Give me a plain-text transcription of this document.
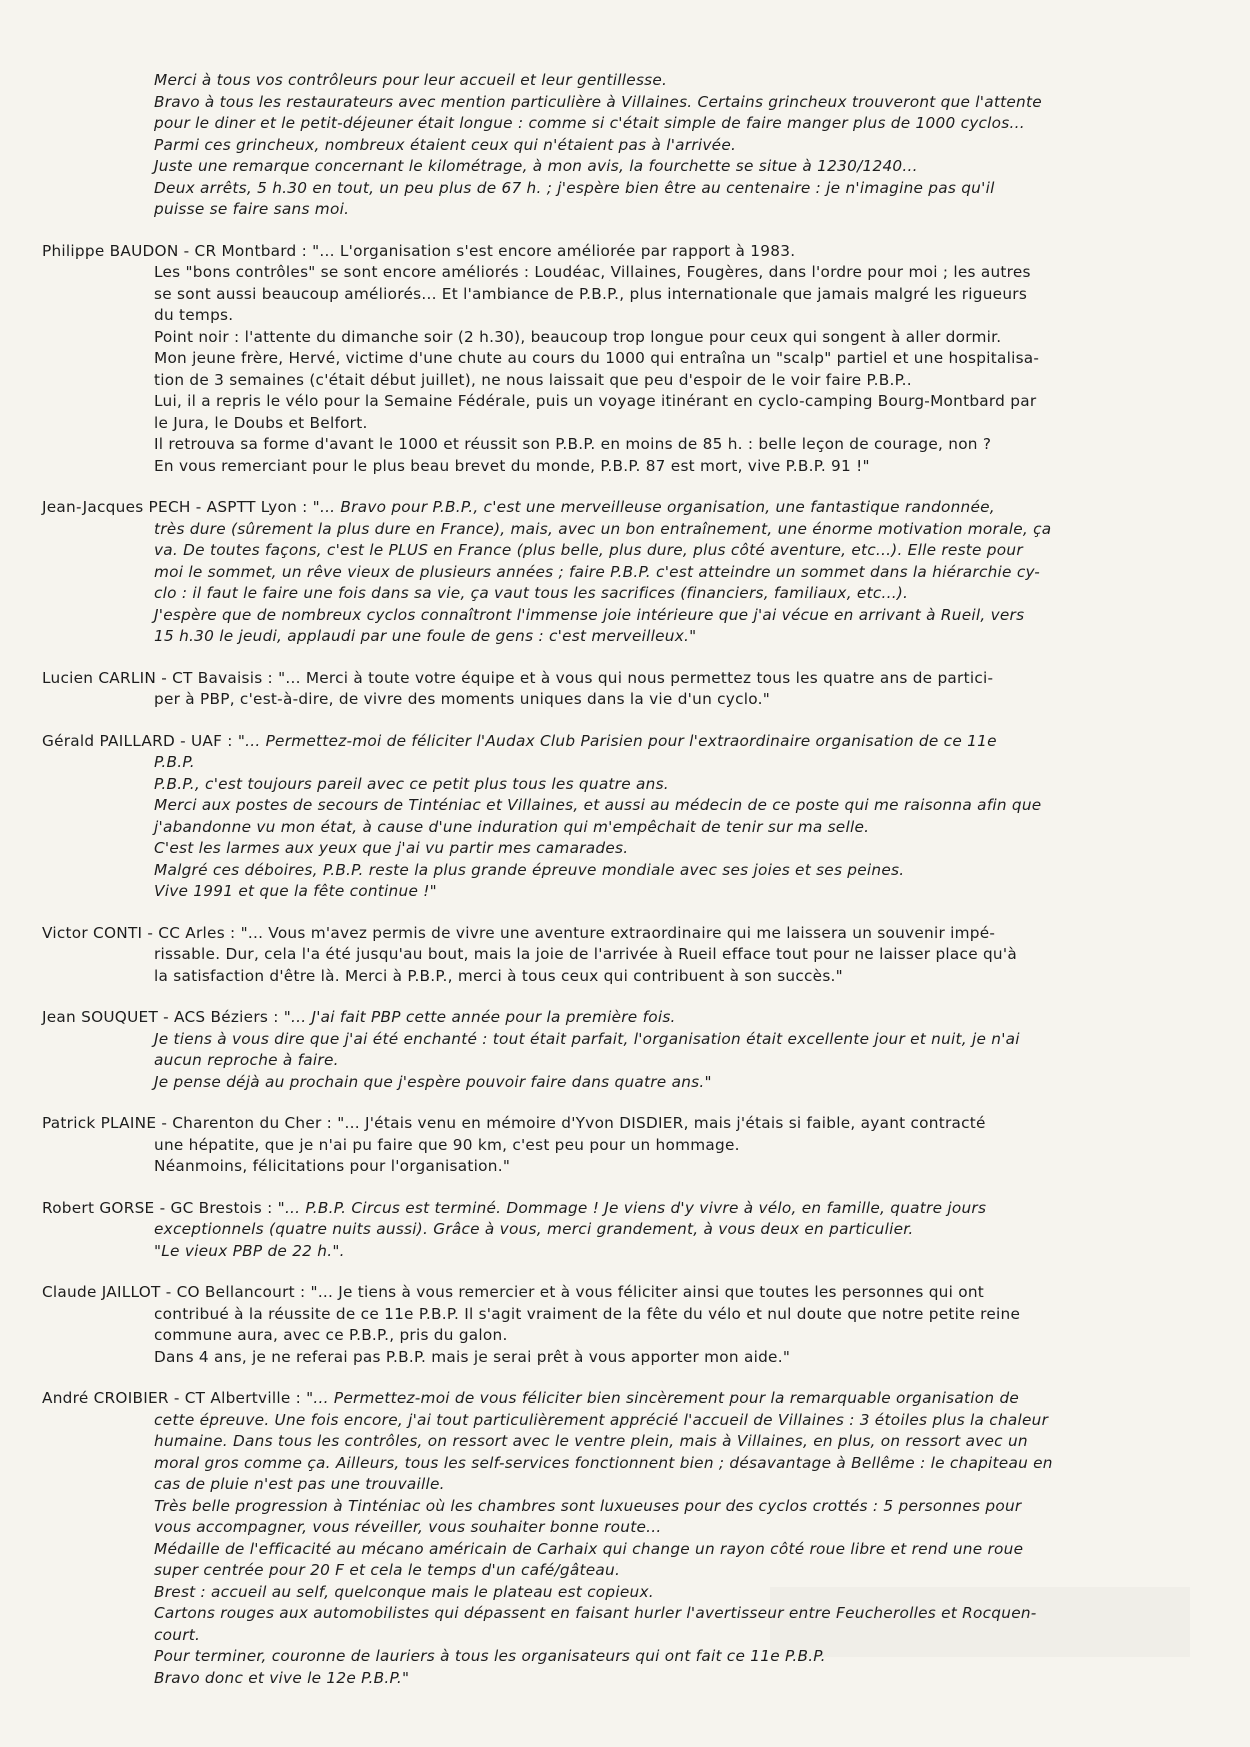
Merci à tous vos contrôleurs pour leur accueil et leur gentillesse.
Bravo à tous les restaurateurs avec mention particulière à Villaines. Certains grincheux trouveront que l'attente
pour le diner et le petit-déjeuner était longue : comme si c'était simple de faire manger plus de 1000 cyclos...
Parmi ces grincheux, nombreux étaient ceux qui n'étaient pas à l'arrivée.
Juste une remarque concernant le kilométrage, à mon avis, la fourchette se situe à 1230/1240...
Deux arrêts, 5 h.30 en tout, un peu plus de 67 h. ; j'espère bien être au centenaire : je n'imagine pas qu'il
puisse se faire sans moi.
Philippe BAUDON - CR Montbard : "... L'organisation s'est encore améliorée par rapport à 1983.
Les "bons contrôles" se sont encore améliorés : Loudéac, Villaines, Fougères, dans l'ordre pour moi ; les autres
se sont aussi beaucoup améliorés... Et l'ambiance de P.B.P., plus internationale que jamais malgré les rigueurs
du temps.
Point noir : l'attente du dimanche soir (2 h.30), beaucoup trop longue pour ceux qui songent à aller dormir.
Mon jeune frère, Hervé, victime d'une chute au cours du 1000 qui entraîna un "scalp" partiel et une hospitalisa-
tion de 3 semaines (c'était début juillet), ne nous laissait que peu d'espoir de le voir faire P.B.P..
Lui, il a repris le vélo pour la Semaine Fédérale, puis un voyage itinérant en cyclo-camping Bourg-Montbard par
le Jura, le Doubs et Belfort.
Il retrouva sa forme d'avant le 1000 et réussit son P.B.P. en moins de 85 h. : belle leçon de courage, non ?
En vous remerciant pour le plus beau brevet du monde, P.B.P. 87 est mort, vive P.B.P. 91 !"
Jean-Jacques PECH - ASPTT Lyon : "... Bravo pour P.B.P., c'est une merveilleuse organisation, une fantastique randonnée,
très dure (sûrement la plus dure en France), mais, avec un bon entraînement, une énorme motivation morale, ça
va. De toutes façons, c'est le PLUS en France (plus belle, plus dure, plus côté aventure, etc...). Elle reste pour
moi le sommet, un rêve vieux de plusieurs années ; faire P.B.P. c'est atteindre un sommet dans la hiérarchie cy-
clo : il faut le faire une fois dans sa vie, ça vaut tous les sacrifices (financiers, familiaux, etc...).
J'espère que de nombreux cyclos connaîtront l'immense joie intérieure que j'ai vécue en arrivant à Rueil, vers
15 h.30 le jeudi, applaudi par une foule de gens : c'est merveilleux."
Lucien CARLIN - CT Bavaisis : "... Merci à toute votre équipe et à vous qui nous permettez tous les quatre ans de partici-
per à PBP, c'est-à-dire, de vivre des moments uniques dans la vie d'un cyclo."
Gérald PAILLARD - UAF : "... Permettez-moi de féliciter l'Audax Club Parisien pour l'extraordinaire organisation de ce 11e
P.B.P.
P.B.P., c'est toujours pareil avec ce petit plus tous les quatre ans.
Merci aux postes de secours de Tinténiac et Villaines, et aussi au médecin de ce poste qui me raisonna afin que
j'abandonne vu mon état, à cause d'une induration qui m'empêchait de tenir sur ma selle.
C'est les larmes aux yeux que j'ai vu partir mes camarades.
Malgré ces déboires, P.B.P. reste la plus grande épreuve mondiale avec ses joies et ses peines.
Vive 1991 et que la fête continue !"
Victor CONTI - CC Arles : "... Vous m'avez permis de vivre une aventure extraordinaire qui me laissera un souvenir impé-
rissable. Dur, cela l'a été jusqu'au bout, mais la joie de l'arrivée à Rueil efface tout pour ne laisser place qu'à
la satisfaction d'être là. Merci à P.B.P., merci à tous ceux qui contribuent à son succès."
Jean SOUQUET - ACS Béziers : "... J'ai fait PBP cette année pour la première fois.
Je tiens à vous dire que j'ai été enchanté : tout était parfait, l'organisation était excellente jour et nuit, je n'ai
aucun reproche à faire.
Je pense déjà au prochain que j'espère pouvoir faire dans quatre ans."
Patrick PLAINE - Charenton du Cher : "... J'étais venu en mémoire d'Yvon DISDIER, mais j'étais si faible, ayant contracté
une hépatite, que je n'ai pu faire que 90 km, c'est peu pour un hommage.
Néanmoins, félicitations pour l'organisation."
Robert GORSE - GC Brestois : "... P.B.P. Circus est terminé. Dommage ! Je viens d'y vivre à vélo, en famille, quatre jours
exceptionnels (quatre nuits aussi). Grâce à vous, merci grandement, à vous deux en particulier.
"Le vieux PBP de 22 h.".
Claude JAILLOT - CO Bellancourt : "... Je tiens à vous remercier et à vous féliciter ainsi que toutes les personnes qui ont
contribué à la réussite de ce 11e P.B.P. Il s'agit vraiment de la fête du vélo et nul doute que notre petite reine
commune aura, avec ce P.B.P., pris du galon.
Dans 4 ans, je ne referai pas P.B.P. mais je serai prêt à vous apporter mon aide."
André CROIBIER - CT Albertville : "... Permettez-moi de vous féliciter bien sincèrement pour la remarquable organisation de
cette épreuve. Une fois encore, j'ai tout particulièrement apprécié l'accueil de Villaines : 3 étoiles plus la chaleur
humaine. Dans tous les contrôles, on ressort avec le ventre plein, mais à Villaines, en plus, on ressort avec un
moral gros comme ça. Ailleurs, tous les self-services fonctionnent bien ; désavantage à Bellême : le chapiteau en
cas de pluie n'est pas une trouvaille.
Très belle progression à Tinténiac où les chambres sont luxueuses pour des cyclos crottés : 5 personnes pour
vous accompagner, vous réveiller, vous souhaiter bonne route...
Médaille de l'efficacité au mécano américain de Carhaix qui change un rayon côté roue libre et rend une roue
super centrée pour 20 F et cela le temps d'un café/gâteau.
Brest : accueil au self, quelconque mais le plateau est copieux.
Cartons rouges aux automobilistes qui dépassent en faisant hurler l'avertisseur entre Feucherolles et Rocquen-
court.
Pour terminer, couronne de lauriers à tous les organisateurs qui ont fait ce 11e P.B.P.
Bravo donc et vive le 12e P.B.P."
